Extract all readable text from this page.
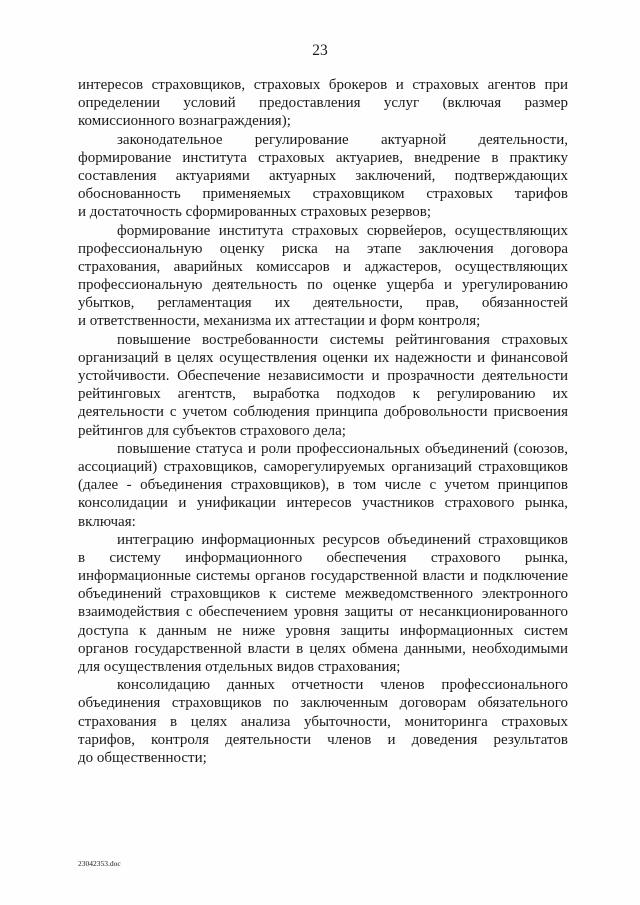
23

интересов страховщиков, страховых брокеров и страховых агентов при
определении условий предоставления услуг (включая размер
комиссионного вознаграждения);

законодательное регулирование актуарной деятельности,
формирование института страховых актуариев, внедрение в практику
составления актуариями актуарных заключений, подтверждающих
обоснованность применяемых страховщиком страховых тарифов
и достаточность сформированных страховых резервов;

формирование института страховых сюрвейеров, осуществляющих
профессиональную оценку риска на этапе заключения договора
страхования, аварийных комиссаров и аджастеров, осуществляющих
профессиональную деятельность по оценке ущерба и урегулированию
убытков, регламентация их деятельности, прав, обязанностей
и ответственности, механизма их аттестации и форм контроля;

повышение востребованности системы рейтингования страховых
организаций в целях осуществления оценки их надежности и финансовой
устойчивости. Обеспечение независимости и прозрачности деятельности
рейтинговых агентств, выработка подходов к регулированию их
деятельности с учетом соблюдения принципа добровольности присвоения
рейтингов для субъектов страхового дела;

повышение статуса и роли профессиональных объединений (союзов,
ассоциаций) страховщиков, саморегулируемых организаций страховщиков
(далее - объединения страховщиков), в том числе с учетом принципов
консолидации и унификации интересов участников страхового рынка,
включая:

интеграцию информационных ресурсов объединений страховщиков
в систему информационного обеспечения страхового рынка,
информационные системы органов государственной власти и подключение
объединений страховщиков к системе межведомственного электронного
взаимодействия с обеспечением уровня защиты от несанкционированного
доступа к данным не ниже уровня защиты информационных систем
органов государственной власти в целях обмена данными, необходимыми
для осуществления отдельных видов страхования;

консолидацию данных отчетности членов профессионального
объединения страховщиков по заключенным договорам обязательного
страхования в целях анализа убыточности, мониторинга страховых
тарифов, контроля деятельности членов и доведения результатов
до общественности;

23042353.doc
